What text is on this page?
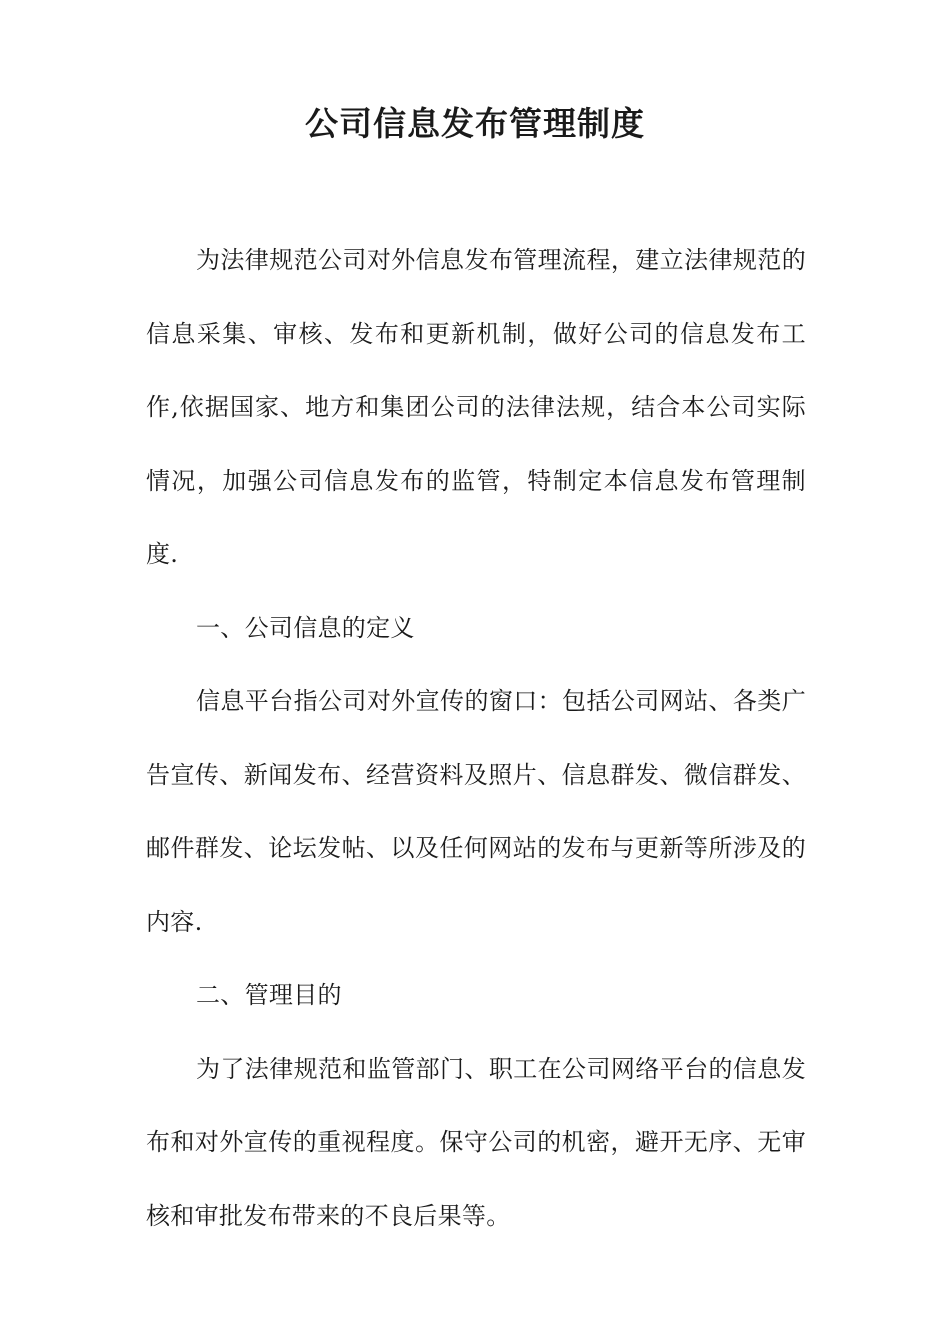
公司信息发布管理制度

为法律规范公司对外信息发布管理流程，建立法律规范的信息采集、审核、发布和更新机制，做好公司的信息发布工作,依据国家、地方和集团公司的法律法规，结合本公司实际情况，加强公司信息发布的监管，特制定本信息发布管理制度.

一、公司信息的定义

信息平台指公司对外宣传的窗口：包括公司网站、各类广告宣传、新闻发布、经营资料及照片、信息群发、微信群发、邮件群发、论坛发帖、以及任何网站的发布与更新等所涉及的内容.

二、管理目的

为了法律规范和监管部门、职工在公司网络平台的信息发布和对外宣传的重视程度。保守公司的机密，避开无序、无审核和审批发布带来的不良后果等。
